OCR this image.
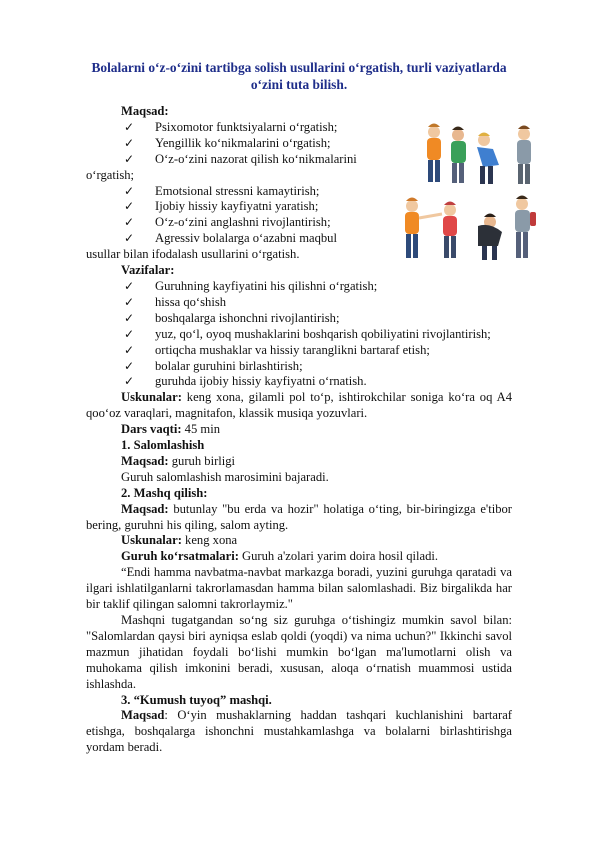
Bolalarni o‘z-o‘zini tartibga solish usullarini o‘rgatish, turli vaziyatlarda
o‘zini tuta bilish.
Maqsad:
✓ Psixomotor funktsiyalarni o‘rgatish;
✓ Yengillik ko‘nikmalarini o‘rgatish;
✓ O‘z-o‘zini nazorat qilish ko‘nikmalarini
o‘rgatish;
✓ Emotsional stressni kamaytirish;
✓ Ijobiy hissiy kayfiyatni yaratish;
✓ O‘z-o‘zini anglashni rivojlantirish;
✓ Agressiv bolalarga o‘azabni maqbul
usullar bilan ifodalash usullarini o‘rgatish.
Vazifalar:
✓ Guruhning kayfiyatini his qilishni o‘rgatish;
✓ hissa qo‘shish
✓ boshqalarga ishonchni rivojlantirish;
✓ yuz, qo‘l, oyoq mushaklarini boshqarish qobiliyatini rivojlantirish;
✓ ortiqcha mushaklar va hissiy taranglikni bartaraf etish;
✓ bolalar guruhini birlashtirish;
✓ guruhda ijobiy hissiy kayfiyatni o‘rnatish.

Uskunalar: keng xona, gilamli pol to‘p, ishtirokchilar soniga ko‘ra oq A4 qoo‘oz varaqlari, magnitafon, klassik musiqa yozuvlari.

Dars vaqti: 45 min

1. Salomlashish

Maqsad: guruh birligi

Guruh salomlashish marosimini bajaradi.

2. Mashq qilish:

Maqsad: butunlay "bu erda va hozir" holatiga o‘ting, bir-biringizga e'tibor bering, guruhni his qiling, salom ayting.

Uskunalar: keng xona

Guruh ko‘rsatmalari: Guruh a'zolari yarim doira hosil qiladi.

“Endi hamma navbatma-navbat markazga boradi, yuzini guruhga qaratadi va ilgari ishlatilganlarni takrorlamasdan hamma bilan salomlashadi. Biz birgalikda har bir taklif qilingan salomni takrorlaymiz."

Mashqni tugatgandan so‘ng siz guruhga o‘tishingiz mumkin savol bilan: "Salomlardan qaysi biri ayniqsa eslab qoldi (yoqdi) va nima uchun?" Ikkinchi savol mazmun jihatidan foydali bo‘lishi mumkin bo‘lgan ma'lumotlarni olish va muhokama qilish imkonini beradi, xususan, aloqa o‘rnatish muammosi ustida ishlashda.

3. “Kumush tuyoq” mashqi.

Maqsad: O‘yin mushaklarning haddan tashqari kuchlanishini bartaraf etishga, boshqalarga ishonchni mustahkamlashga va bolalarni birlashtirishga yordam beradi.
